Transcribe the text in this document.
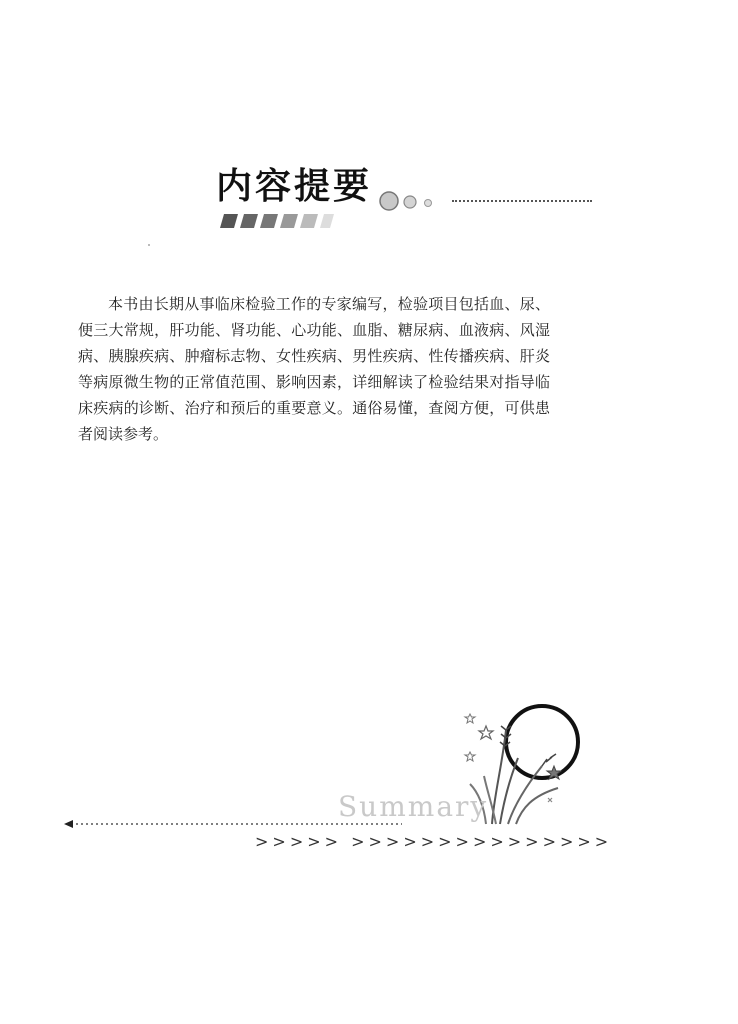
内容提要

本书由长期从事临床检验工作的专家编写，检验项目包括血、尿、便三大常规，肝功能、肾功能、心功能、血脂、糖尿病、血液病、风湿病、胰腺疾病、肿瘤标志物、女性疾病、男性疾病、性传播疾病、肝炎等病原微生物的正常值范围、影响因素，详细解读了检验结果对指导临床疾病的诊断、治疗和预后的重要意义。通俗易懂，查阅方便，可供患者阅读参考。

Summary
>>>>> >>>>>>>>>>>>>>>
